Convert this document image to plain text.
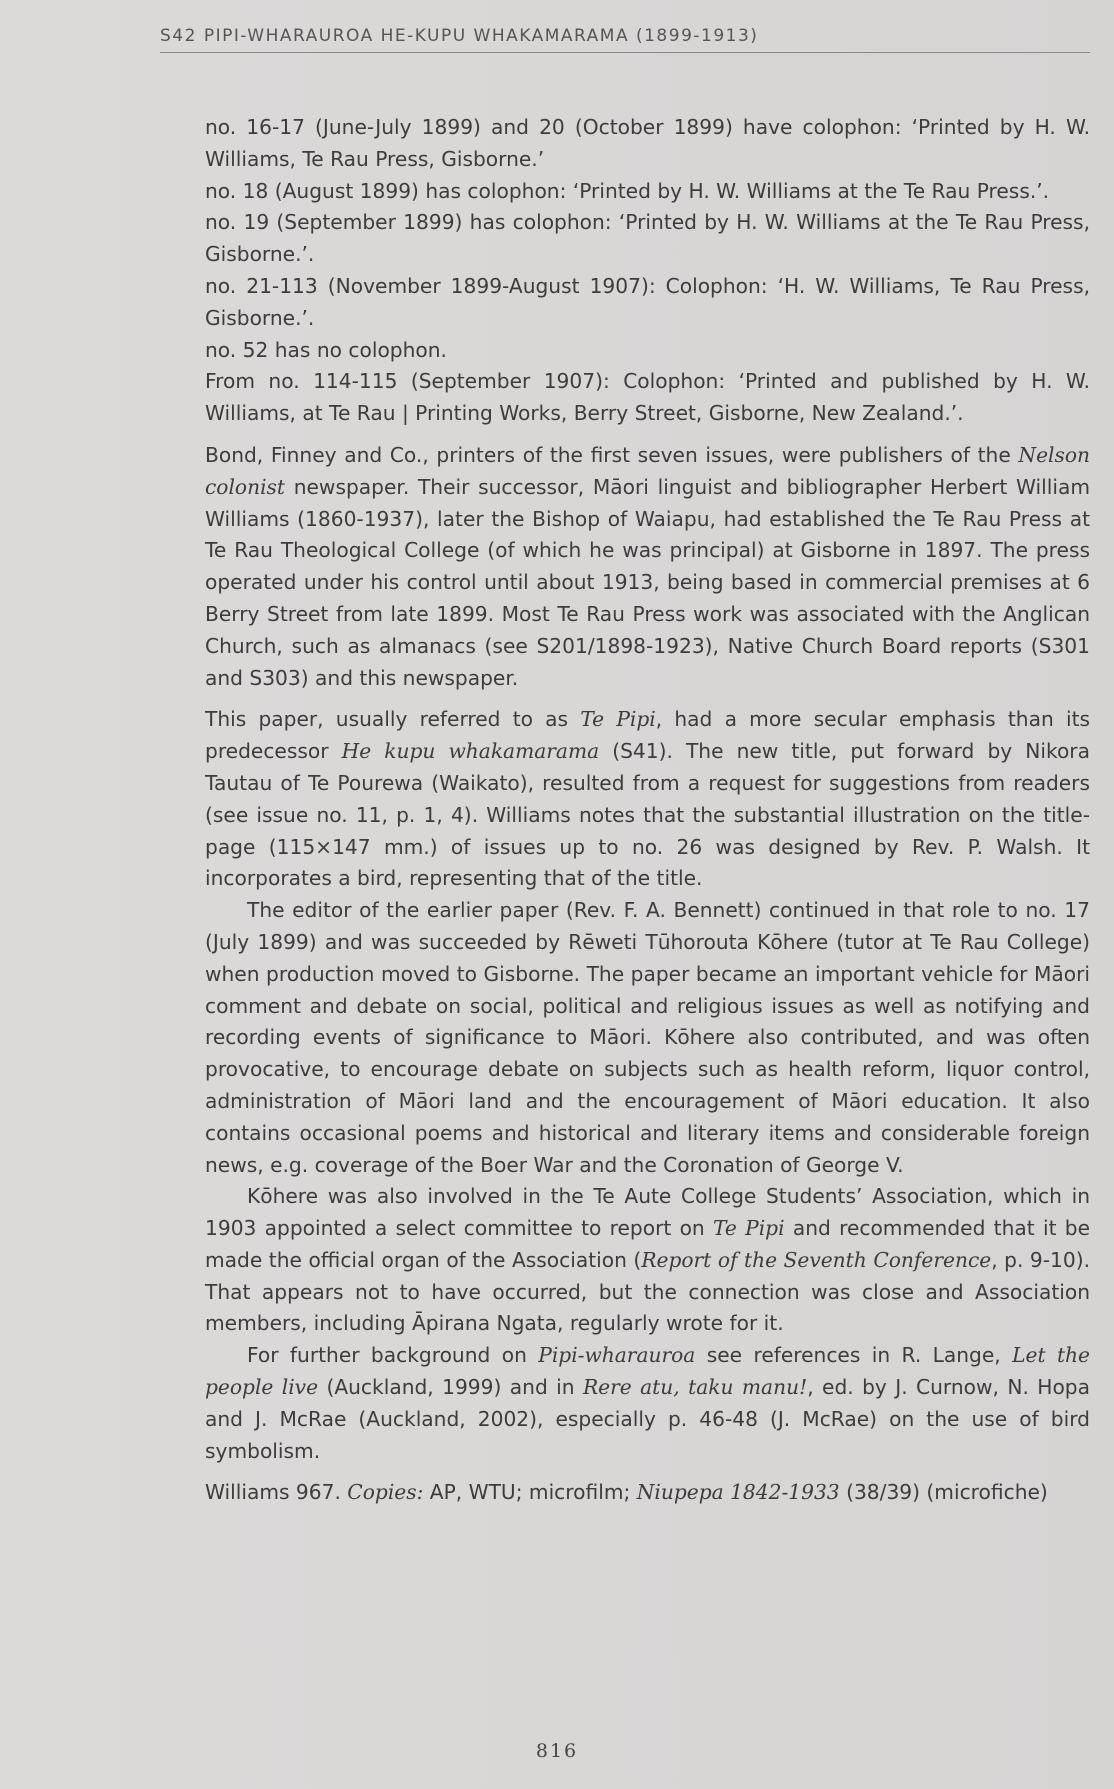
S42 PIPI-WHARAUROA HE-KUPU WHAKAMARAMA (1899-1913)

no. 16-17 (June-July 1899) and 20 (October 1899) have colophon: ‘Printed by H. W. Williams, Te Rau Press, Gisborne.’

no. 18 (August 1899) has colophon: ‘Printed by H. W. Williams at the Te Rau Press.’.

no. 19 (September 1899) has colophon: ‘Printed by H. W. Williams at the Te Rau Press, Gisborne.’.

no. 21-113 (November 1899-August 1907): Colophon: ‘H. W. Williams, Te Rau Press, Gisborne.’.

no. 52 has no colophon.

From no. 114-115 (September 1907): Colophon: ‘Printed and published by H. W. Williams, at Te Rau | Printing Works, Berry Street, Gisborne, New Zealand.’.

Bond, Finney and Co., printers of the first seven issues, were publishers of the Nelson colonist newspaper. Their successor, Māori linguist and bibliographer Herbert William Williams (1860-1937), later the Bishop of Waiapu, had established the Te Rau Press at Te Rau Theological College (of which he was principal) at Gisborne in 1897. The press operated under his control until about 1913, being based in commercial premises at 6 Berry Street from late 1899. Most Te Rau Press work was associated with the Anglican Church, such as almanacs (see S201/1898-1923), Native Church Board reports (S301 and S303) and this newspaper.

This paper, usually referred to as Te Pipi, had a more secular emphasis than its predecessor He kupu whakamarama (S41). The new title, put forward by Nikora Tautau of Te Pourewa (Waikato), resulted from a request for suggestions from readers (see issue no. 11, p. 1, 4). Williams notes that the substantial illustration on the title-page (115×147 mm.) of issues up to no. 26 was designed by Rev. P. Walsh. It incorporates a bird, representing that of the title.

The editor of the earlier paper (Rev. F. A. Bennett) continued in that role to no. 17 (July 1899) and was succeeded by Rēweti Tūhorouta Kōhere (tutor at Te Rau College) when production moved to Gisborne. The paper became an important vehicle for Māori comment and debate on social, political and religious issues as well as notifying and recording events of significance to Māori. Kōhere also contributed, and was often provocative, to encourage debate on subjects such as health reform, liquor control, administration of Māori land and the encouragement of Māori education. It also contains occasional poems and historical and literary items and considerable foreign news, e.g. coverage of the Boer War and the Coronation of George V.

Kōhere was also involved in the Te Aute College Students’ Association, which in 1903 appointed a select committee to report on Te Pipi and recommended that it be made the official organ of the Association (Report of the Seventh Conference, p. 9-10). That appears not to have occurred, but the connection was close and Association members, including Āpirana Ngata, regularly wrote for it.

For further background on Pipi-wharauroa see references in R. Lange, Let the people live (Auckland, 1999) and in Rere atu, taku manu!, ed. by J. Curnow, N. Hopa and J. McRae (Auckland, 2002), especially p. 46-48 (J. McRae) on the use of bird symbolism.

Williams 967. Copies: AP, WTU; microfilm; Niupepa 1842-1933 (38/39) (microfiche)

816
